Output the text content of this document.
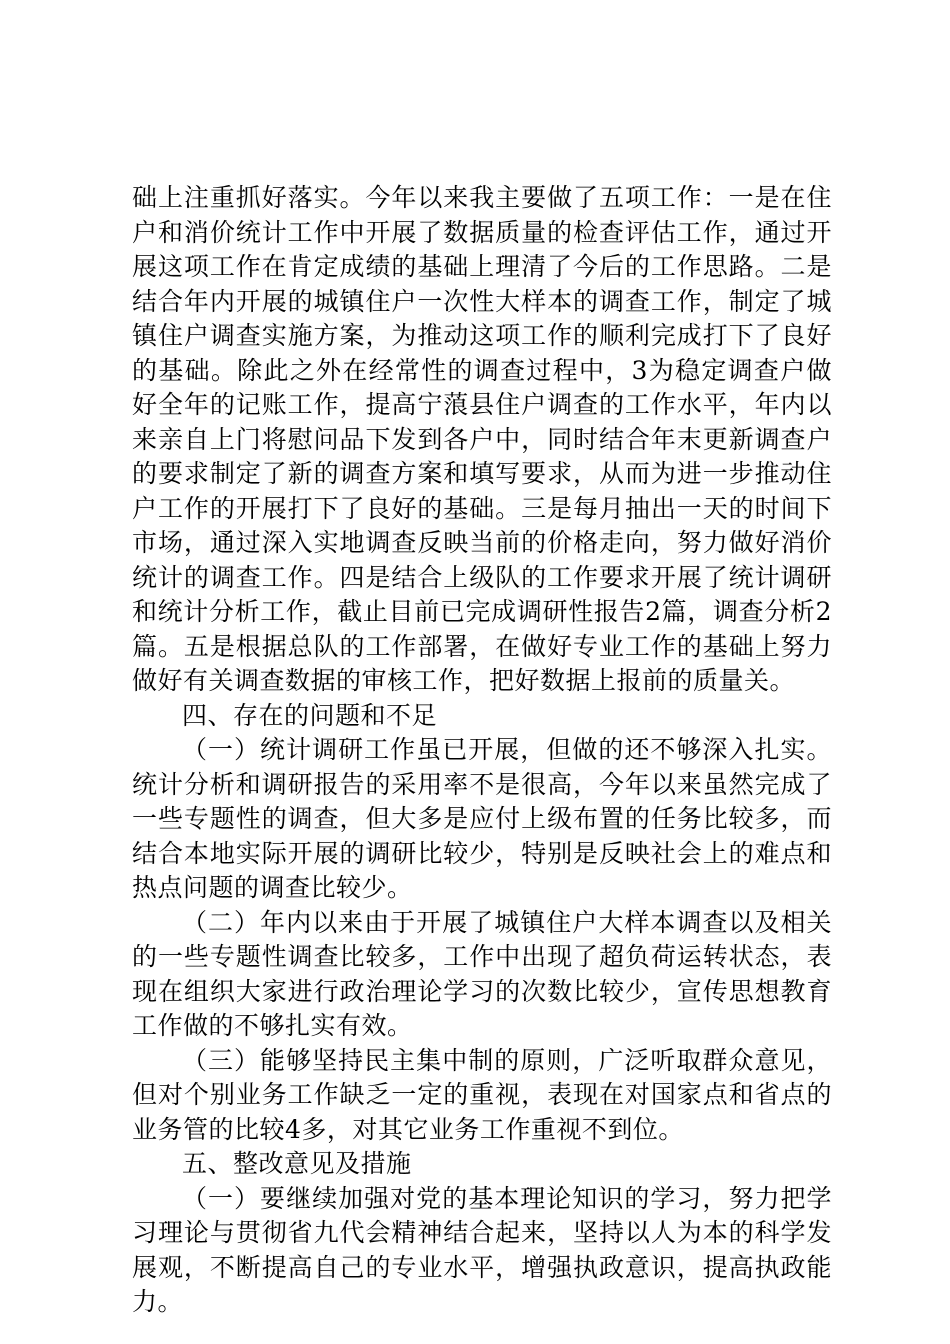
础上注重抓好落实。今年以来我主要做了五项工作：一是在住户和消价统计工作中开展了数据质量的检查评估工作，通过开展这项工作在肯定成绩的基础上理清了今后的工作思路。二是结合年内开展的城镇住户一次性大样本的调查工作，制定了城镇住户调查实施方案，为推动这项工作的顺利完成打下了良好的基础。除此之外在经常性的调查过程中，3为稳定调查户做好全年的记账工作，提高宁蒗县住户调查的工作水平，年内以来亲自上门将慰问品下发到各户中，同时结合年末更新调查户的要求制定了新的调查方案和填写要求，从而为进一步推动住户工作的开展打下了良好的基础。三是每月抽出一天的时间下市场，通过深入实地调查反映当前的价格走向，努力做好消价统计的调查工作。四是结合上级队的工作要求开展了统计调研和统计分析工作，截止目前已完成调研性报告2篇，调查分析2篇。五是根据总队的工作部署，在做好专业工作的基础上努力做好有关调查数据的审核工作，把好数据上报前的质量关。

四、存在的问题和不足

（一）统计调研工作虽已开展，但做的还不够深入扎实。统计分析和调研报告的采用率不是很高，今年以来虽然完成了一些专题性的调查，但大多是应付上级布置的任务比较多，而结合本地实际开展的调研比较少，特别是反映社会上的难点和热点问题的调查比较少。

（二）年内以来由于开展了城镇住户大样本调查以及相关的一些专题性调查比较多，工作中出现了超负荷运转状态，表现在组织大家进行政治理论学习的次数比较少，宣传思想教育工作做的不够扎实有效。

（三）能够坚持民主集中制的原则，广泛听取群众意见，但对个别业务工作缺乏一定的重视，表现在对国家点和省点的业务管的比较4多，对其它业务工作重视不到位。

五、整改意见及措施

（一）要继续加强对党的基本理论知识的学习，努力把学习理论与贯彻省九代会精神结合起来，坚持以人为本的科学发展观，不断提高自己的专业水平，增强执政意识，提高执政能力。
